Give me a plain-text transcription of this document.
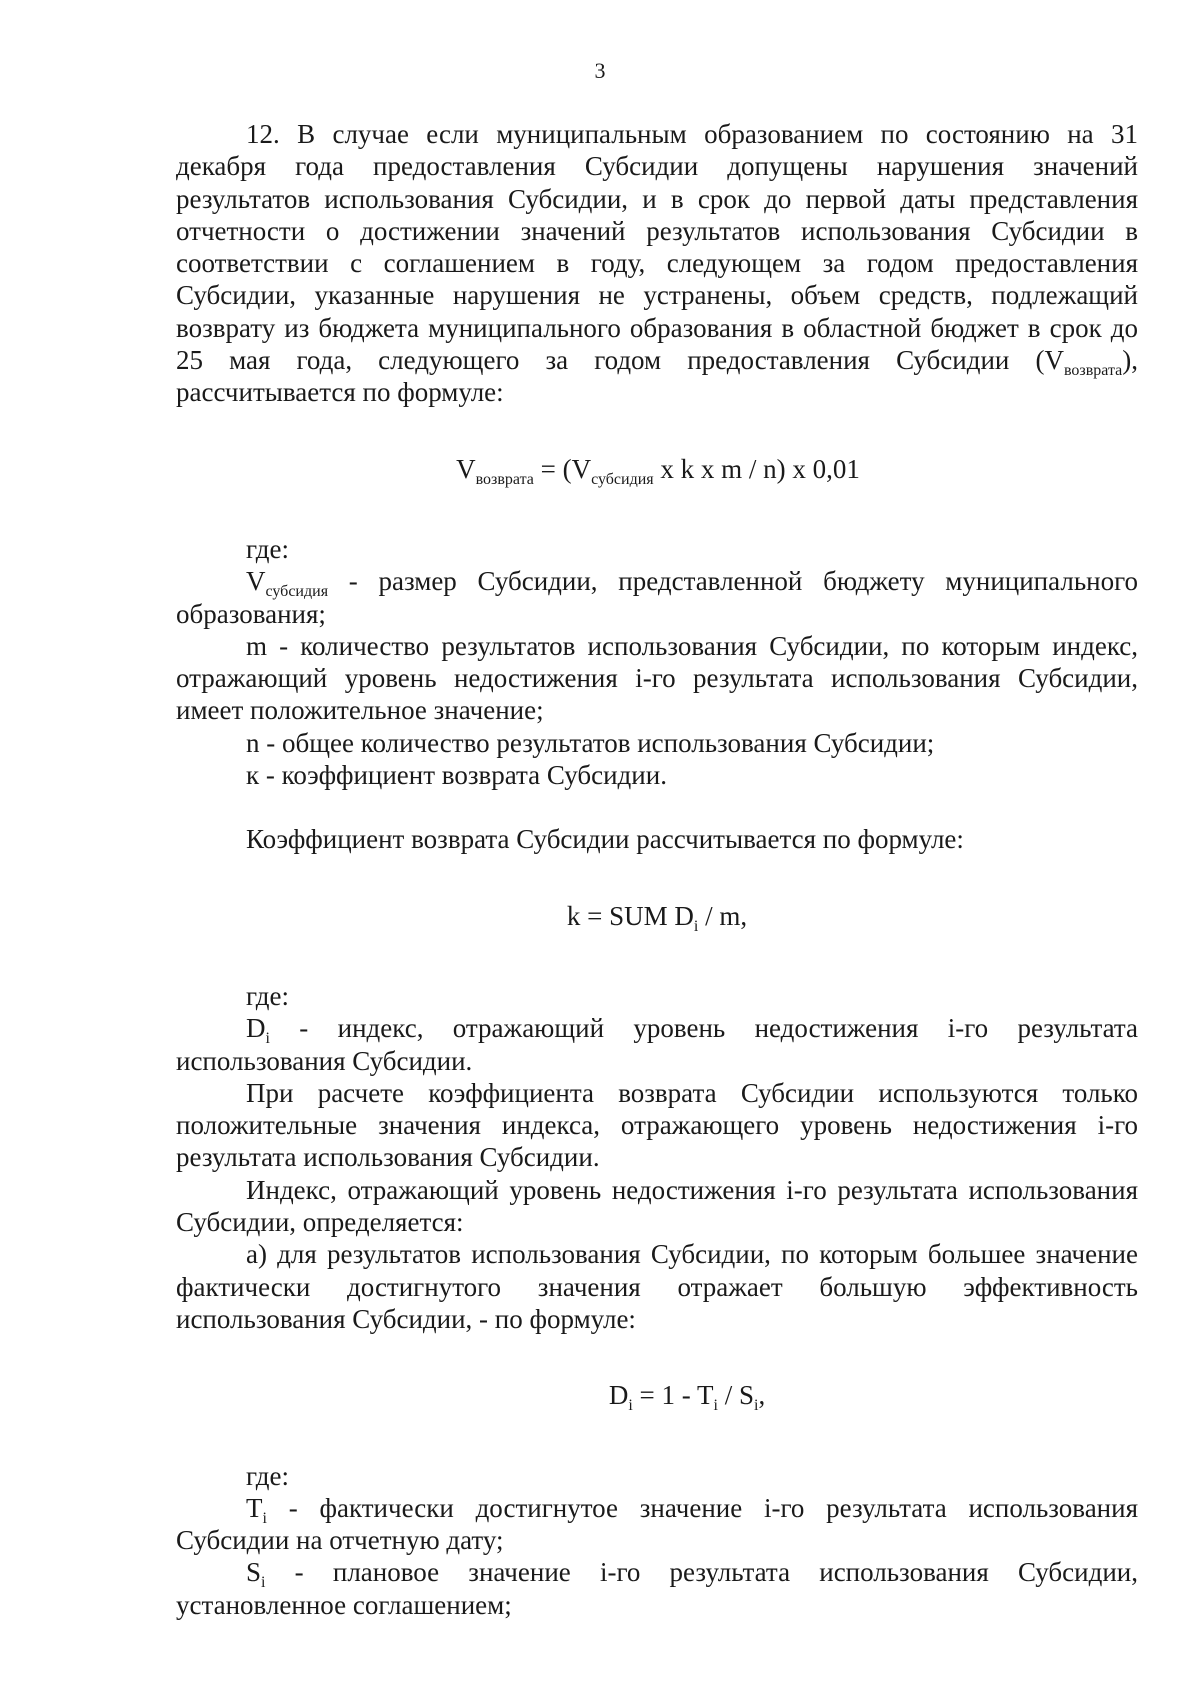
3

12. В случае если муниципальным образованием по состоянию на 31 декабря года предоставления Субсидии допущены нарушения значений результатов использования Субсидии, и в срок до первой даты представления отчетности о достижении значений результатов использования Субсидии в соответствии с соглашением в году, следующем за годом предоставления Субсидии, указанные нарушения не устранены, объем средств, подлежащий возврату из бюджета муниципального образования в областной бюджет в срок до 25 мая года, следующего за годом предоставления Субсидии $(V_{возврата})$, рассчитывается по формуле:

$V_{возврата} = (V_{субсидия}$ x k x m / n) x 0,01

где:

$V_{субсидия}$ - размер Субсидии, представленной бюджету муниципального образования;

m - количество результатов использования Субсидии, по которым индекс, отражающий уровень недостижения i-го результата использования Субсидии, имеет положительное значение;

n - общее количество результатов использования Субсидии;

к - коэффициент возврата Субсидии.

Коэффициент возврата Субсидии рассчитывается по формуле:

k = SUM $D_i$ / m,

где:

$D_i$ - индекс, отражающий уровень недостижения i-го результата использования Субсидии.

При расчете коэффициента возврата Субсидии используются только положительные значения индекса, отражающего уровень недостижения i-го результата использования Субсидии.

Индекс, отражающий уровень недостижения i-го результата использования Субсидии, определяется:

а) для результатов использования Субсидии, по которым большее значение фактически достигнутого значения отражает большую эффективность использования Субсидии, - по формуле:

$D_i = 1 - T_i / S_i$,

где:

$T_i$ - фактически достигнутое значение i-го результата использования Субсидии на отчетную дату;

$S_i$ - плановое значение i-го результата использования Субсидии, установленное соглашением;
